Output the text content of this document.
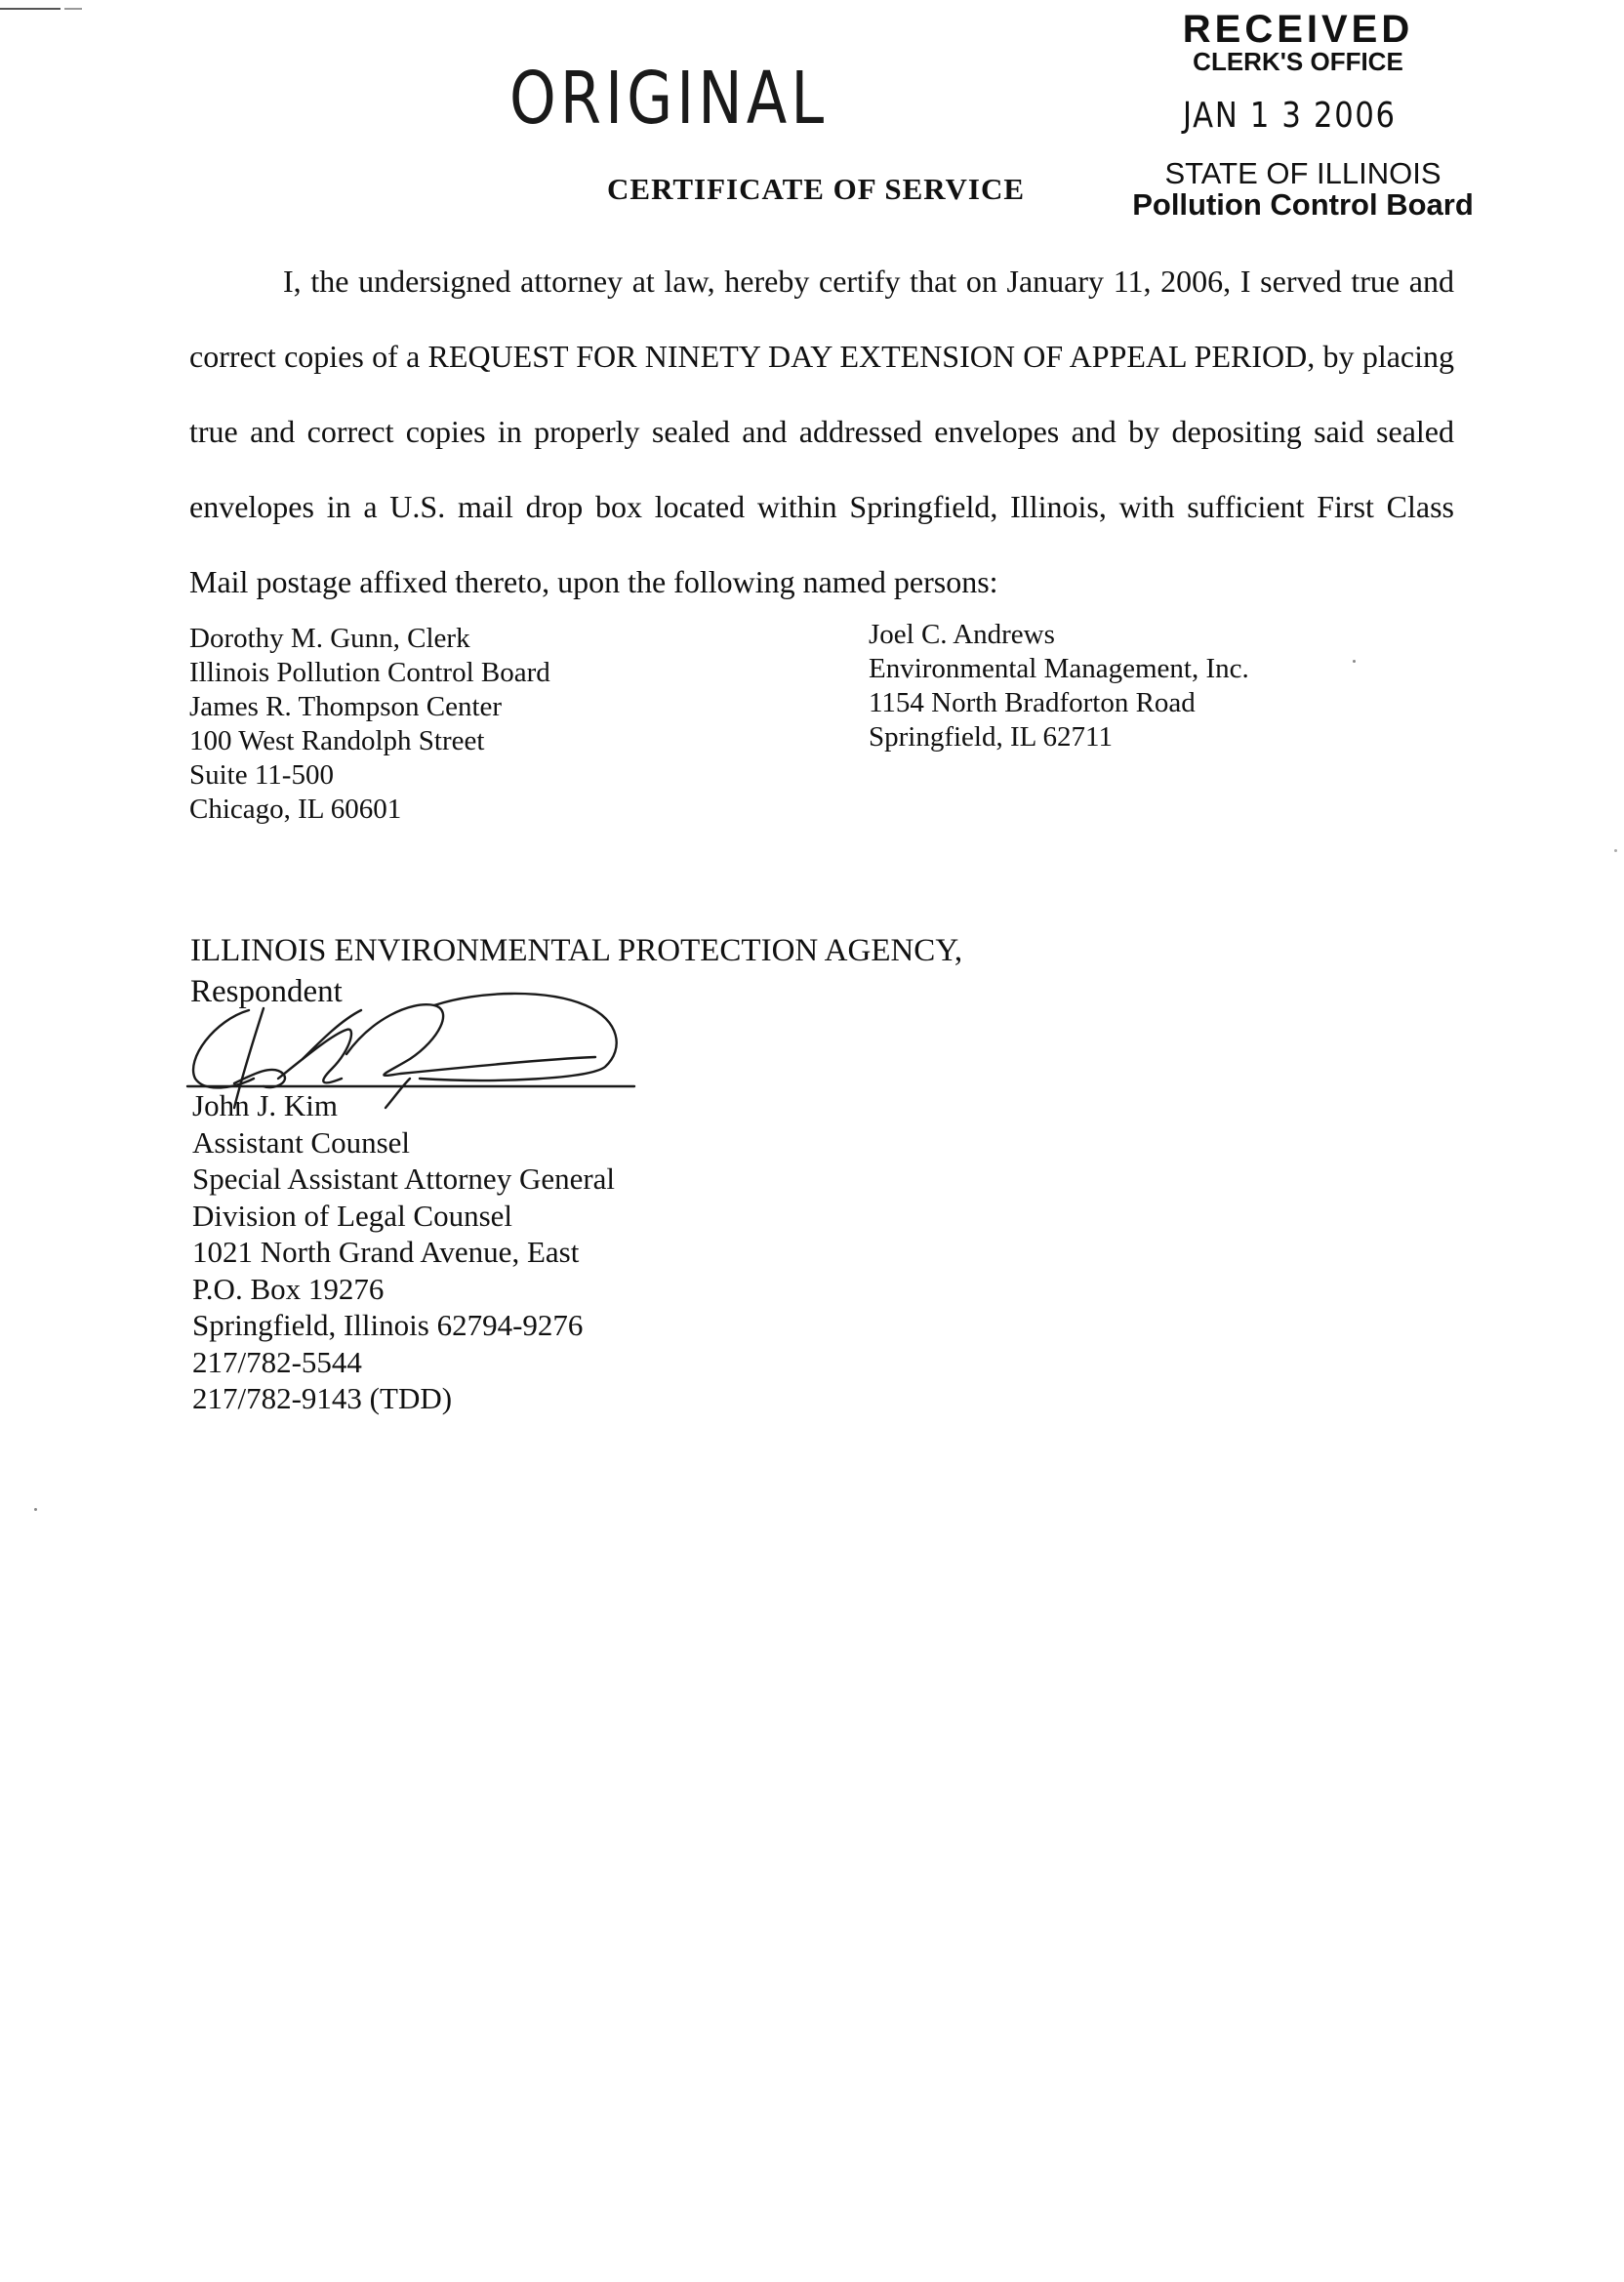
ORIGINAL
RECEIVED
CLERK'S OFFICE
JAN 1 3 2006
STATE OF ILLINOIS
Pollution Control Board
CERTIFICATE OF SERVICE

I, the undersigned attorney at law, hereby certify that on January 11, 2006, I served true and correct copies of a REQUEST FOR NINETY DAY EXTENSION OF APPEAL PERIOD, by placing true and correct copies in properly sealed and addressed envelopes and by depositing said sealed envelopes in a U.S. mail drop box located within Springfield, Illinois, with sufficient First Class Mail postage affixed thereto, upon the following named persons:

Dorothy M. Gunn, Clerk
Illinois Pollution Control Board
James R. Thompson Center
100 West Randolph Street
Suite 11-500
Chicago, IL 60601
Joel C. Andrews
Environmental Management, Inc.
1154 North Bradforton Road
Springfield, IL 62711
ILLINOIS ENVIRONMENTAL PROTECTION AGENCY,
Respondent
John J. Kim
Assistant Counsel
Special Assistant Attorney General
Division of Legal Counsel
1021 North Grand Avenue, East
P.O. Box 19276
Springfield, Illinois 62794-9276
217/782-5544
217/782-9143 (TDD)
